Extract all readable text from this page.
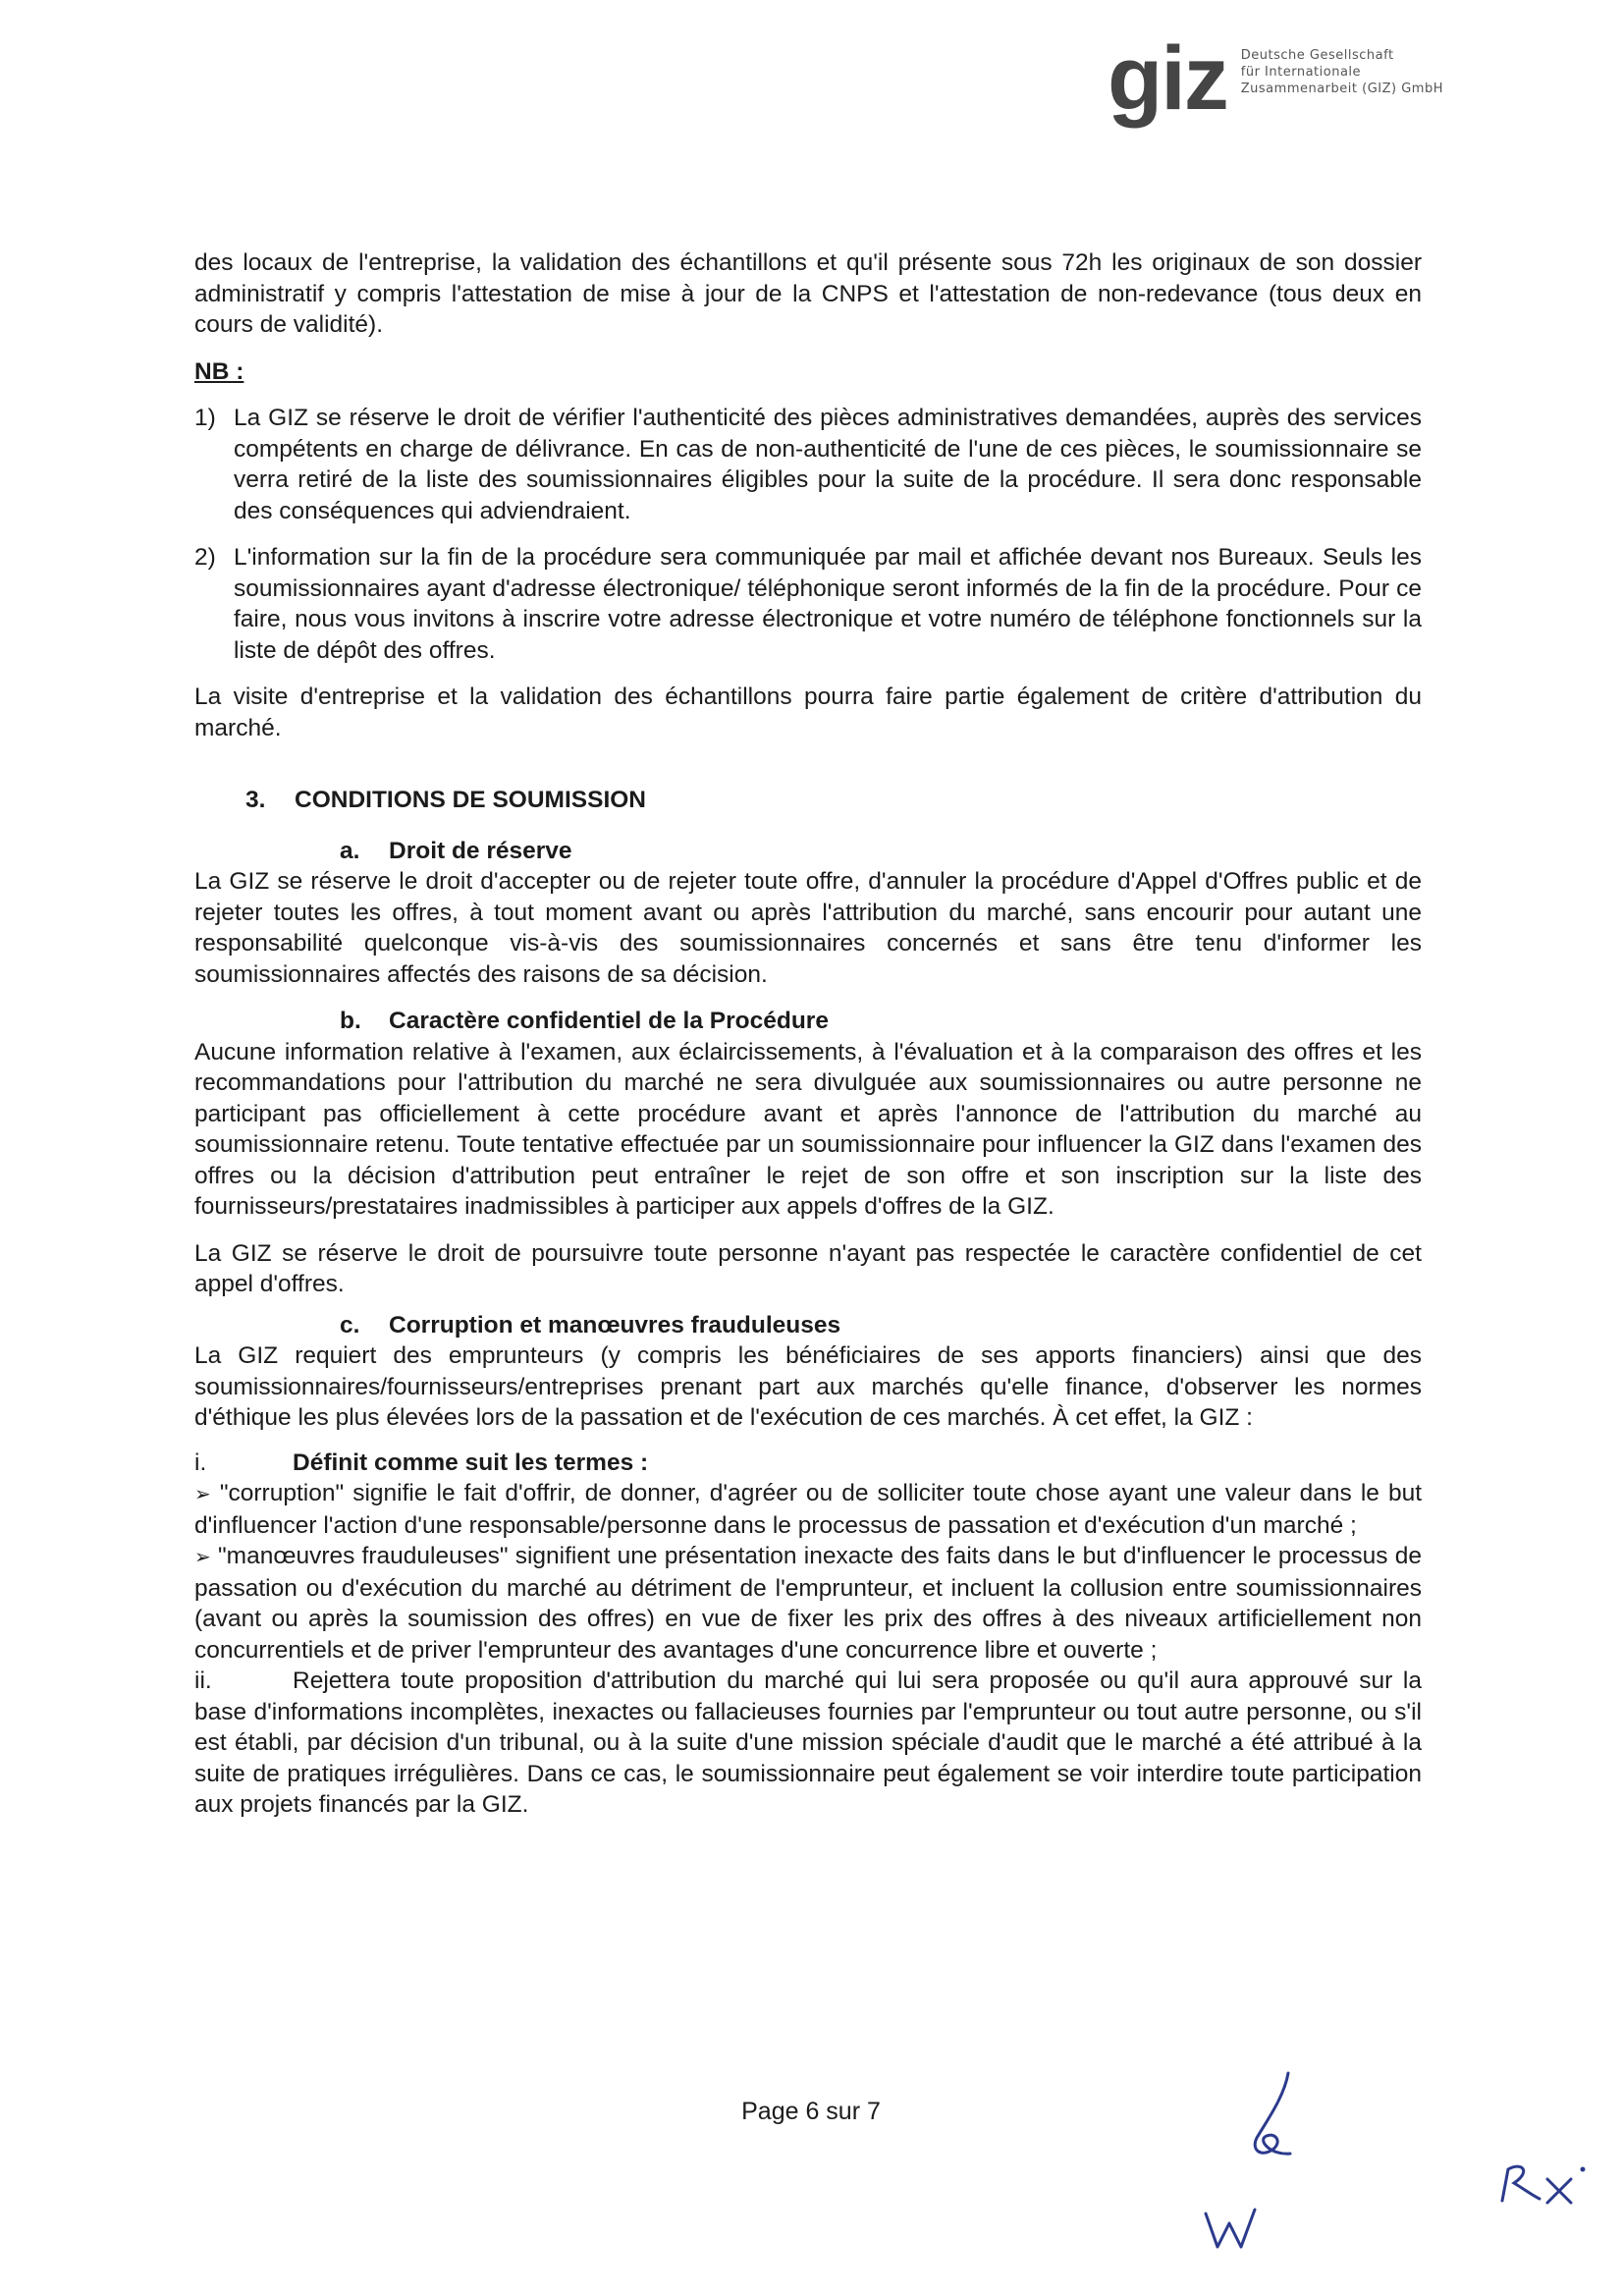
giz Deutsche Gesellschaft
für Internationale
Zusammenarbeit (GIZ) GmbH

des locaux de l'entreprise, la validation des échantillons et qu'il présente sous 72h les originaux de son dossier administratif y compris l'attestation de mise à jour de la CNPS et l'attestation de non-redevance (tous deux en cours de validité).

NB :
1) La GIZ se réserve le droit de vérifier l'authenticité des pièces administratives demandées, auprès des services compétents en charge de délivrance. En cas de non-authenticité de l'une de ces pièces, le soumissionnaire se verra retiré de la liste des soumissionnaires éligibles pour la suite de la procédure. Il sera donc responsable des conséquences qui adviendraient.
2) L'information sur la fin de la procédure sera communiquée par mail et affichée devant nos Bureaux. Seuls les soumissionnaires ayant d'adresse électronique/ téléphonique seront informés de la fin de la procédure. Pour ce faire, nous vous invitons à inscrire votre adresse électronique et votre numéro de téléphone fonctionnels sur la liste de dépôt des offres.

La visite d'entreprise et la validation des échantillons pourra faire partie également de critère d'attribution du marché.

3. CONDITIONS DE SOUMISSION
a. Droit de réserve

La GIZ se réserve le droit d'accepter ou de rejeter toute offre, d'annuler la procédure d'Appel d'Offres public et de rejeter toutes les offres, à tout moment avant ou après l'attribution du marché, sans encourir pour autant une responsabilité quelconque vis-à-vis des soumissionnaires concernés et sans être tenu d'informer les soumissionnaires affectés des raisons de sa décision.

b. Caractère confidentiel de la Procédure

Aucune information relative à l'examen, aux éclaircissements, à l'évaluation et à la comparaison des offres et les recommandations pour l'attribution du marché ne sera divulguée aux soumissionnaires ou autre personne ne participant pas officiellement à cette procédure avant et après l'annonce de l'attribution du marché au soumissionnaire retenu. Toute tentative effectuée par un soumissionnaire pour influencer la GIZ dans l'examen des offres ou la décision d'attribution peut entraîner le rejet de son offre et son inscription sur la liste des fournisseurs/prestataires inadmissibles à participer aux appels d'offres de la GIZ.

La GIZ se réserve le droit de poursuivre toute personne n'ayant pas respectée le caractère confidentiel de cet appel d'offres.

c. Corruption et manœuvres frauduleuses

La GIZ requiert des emprunteurs (y compris les bénéficiaires de ses apports financiers) ainsi que des soumissionnaires/fournisseurs/entreprises prenant part aux marchés qu'elle finance, d'observer les normes d'éthique les plus élevées lors de la passation et de l'exécution de ces marchés. À cet effet, la GIZ :

i.	Définit comme suit les termes :

➢ "corruption" signifie le fait d'offrir, de donner, d'agréer ou de solliciter toute chose ayant une valeur dans le but d'influencer l'action d'une responsable/personne dans le processus de passation et d'exécution d'un marché ;

➢ "manœuvres frauduleuses" signifient une présentation inexacte des faits dans le but d'influencer le processus de passation ou d'exécution du marché au détriment de l'emprunteur, et incluent la collusion entre soumissionnaires (avant ou après la soumission des offres) en vue de fixer les prix des offres à des niveaux artificiellement non concurrentiels et de priver l'emprunteur des avantages d'une concurrence libre et ouverte ;

ii.	Rejettera toute proposition d'attribution du marché qui lui sera proposée ou qu'il aura approuvé sur la base d'informations incomplètes, inexactes ou fallacieuses fournies par l'emprunteur ou tout autre personne, ou s'il est établi, par décision d'un tribunal, ou à la suite d'une mission spéciale d'audit que le marché a été attribué à la suite de pratiques irrégulières. Dans ce cas, le soumissionnaire peut également se voir interdire toute participation aux projets financés par la GIZ.

Page 6 sur 7
